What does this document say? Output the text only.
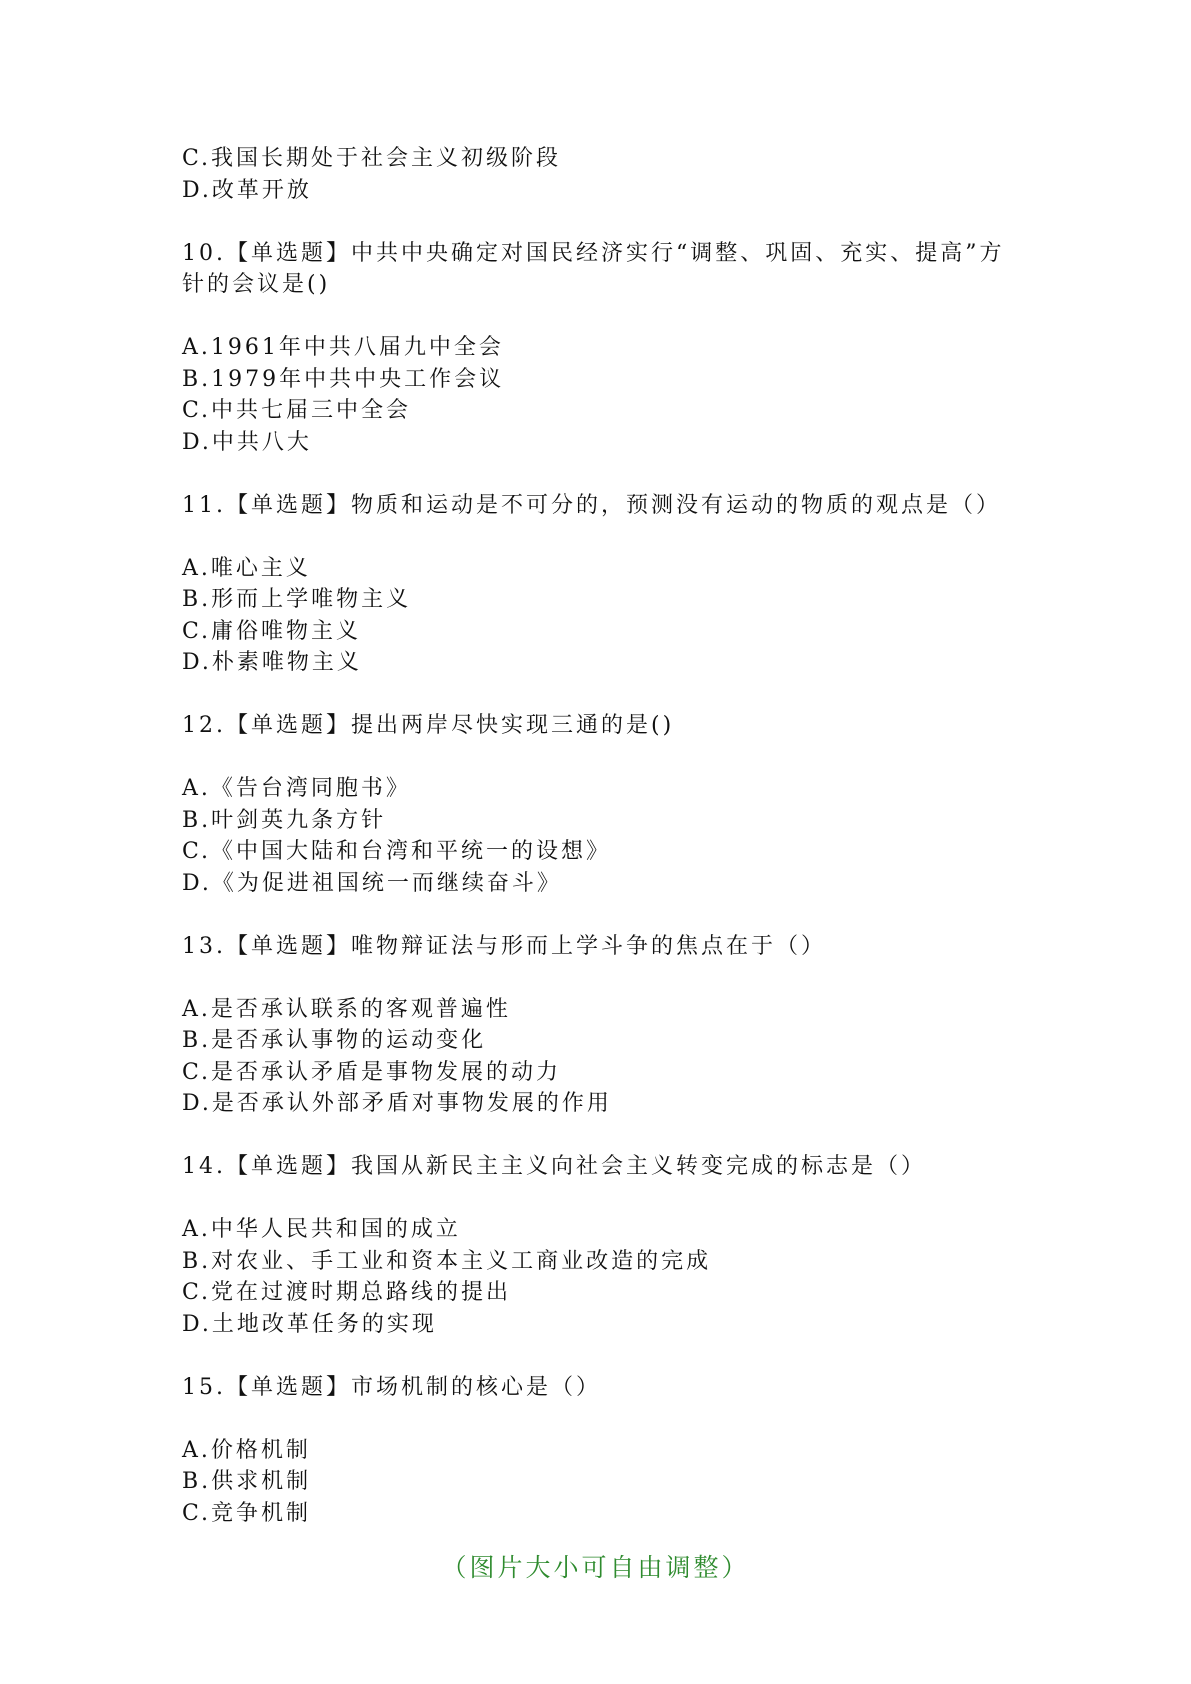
C.我国长期处于社会主义初级阶段
D.改革开放
10.【单选题】中共中央确定对国民经济实行“调整、巩固、充实、提高”方针的会议是()
A.1961年中共八届九中全会
B.1979年中共中央工作会议
C.中共七届三中全会
D.中共八大
11.【单选题】物质和运动是不可分的，预测没有运动的物质的观点是（）
A.唯心主义
B.形而上学唯物主义
C.庸俗唯物主义
D.朴素唯物主义
12.【单选题】提出两岸尽快实现三通的是()
A.《告台湾同胞书》
B.叶剑英九条方针
C.《中国大陆和台湾和平统一的设想》
D.《为促进祖国统一而继续奋斗》
13.【单选题】唯物辩证法与形而上学斗争的焦点在于（）
A.是否承认联系的客观普遍性
B.是否承认事物的运动变化
C.是否承认矛盾是事物发展的动力
D.是否承认外部矛盾对事物发展的作用
14.【单选题】我国从新民主主义向社会主义转变完成的标志是（）
A.中华人民共和国的成立
B.对农业、手工业和资本主义工商业改造的完成
C.党在过渡时期总路线的提出
D.土地改革任务的实现
15.【单选题】市场机制的核心是（）
A.价格机制
B.供求机制
C.竞争机制
（图片大小可自由调整）
